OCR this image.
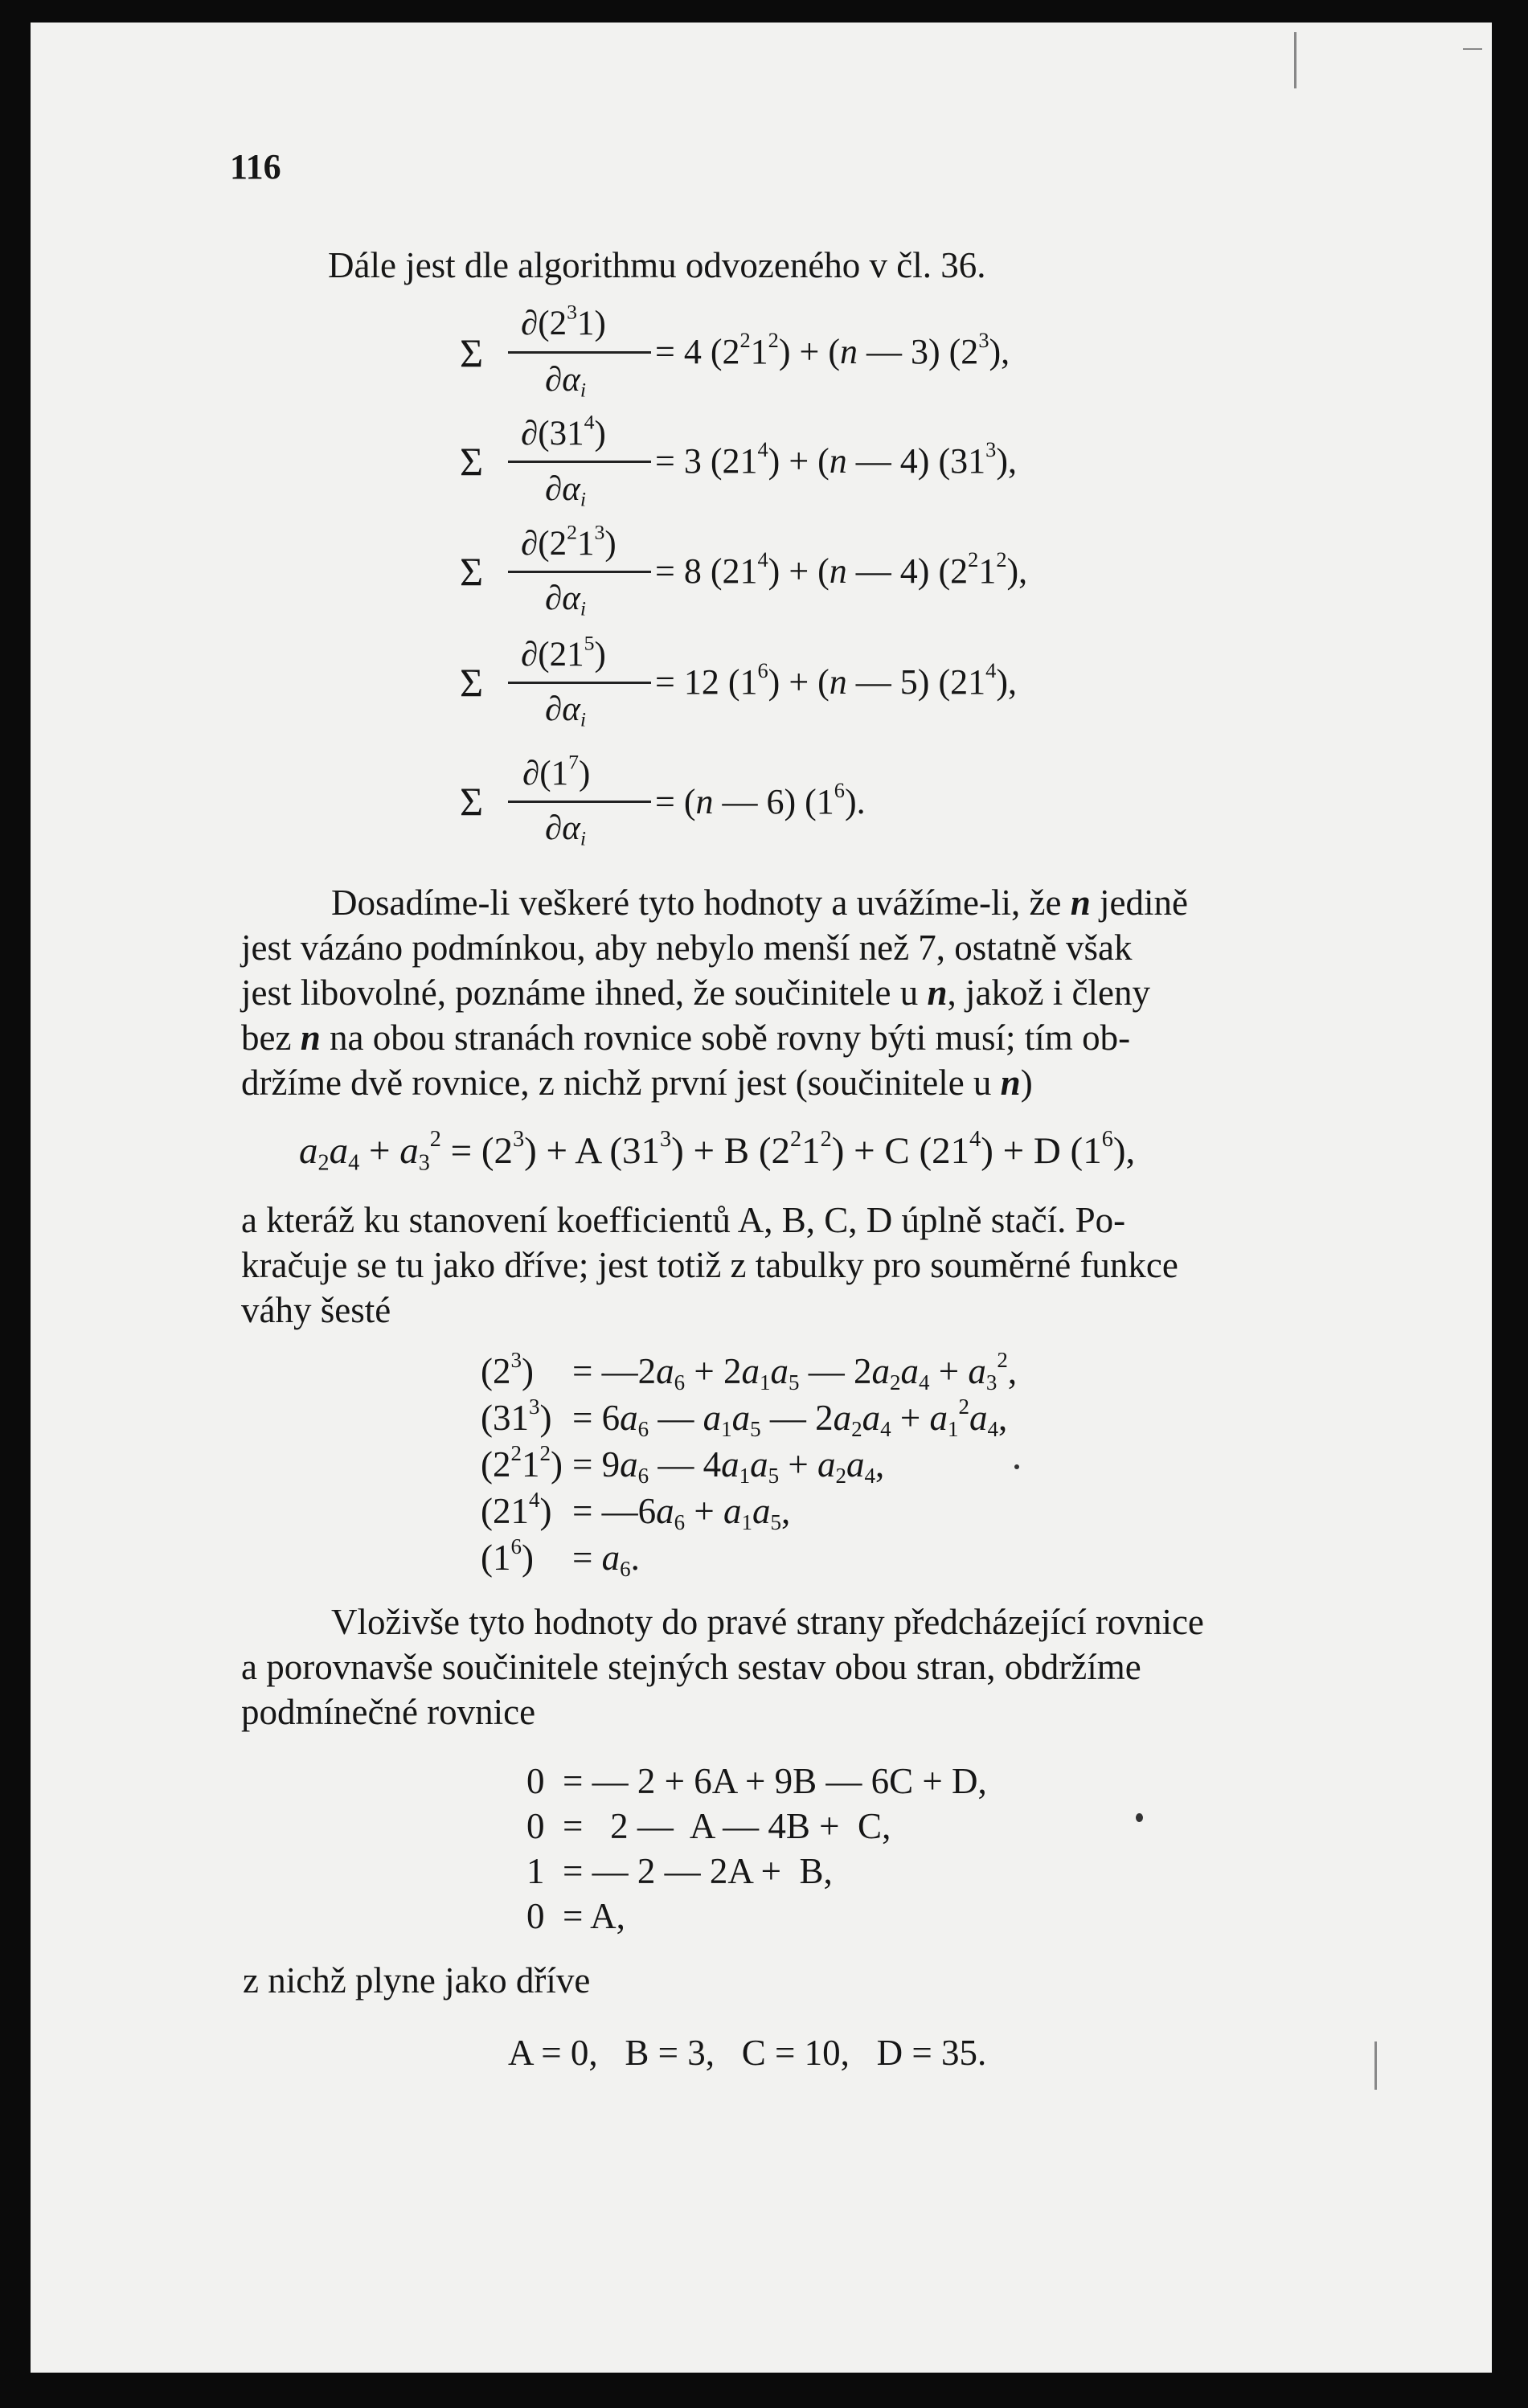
116
Dále jest dle algorithmu odvozeného v čl. 36.
Σ
$\partial(2^31)$
$\partial\alpha_i$
= 4 $(2^21^2) + (n$ — 3) $(2^3)$,
Σ
$\partial(31^4)$
$\partial\alpha_i$
= 3 $(21^4) + (n$ — 4) $(31^3)$,
Σ
$\partial(2^21^3)$
$\partial\alpha_i$
= 8 $(21^4) + (n$ — 4) $(2^21^2)$,
Σ
$\partial(21^5)$
$\partial\alpha_i$
= 12 $(1^6) + (n$ — 5) $(21^4)$,
Σ
$\partial(1^7)$
$\partial\alpha_i$
= (n — 6) $(1^6)$.
Dosadíme-li veškeré tyto hodnoty a uvážíme-li, že n jedině
jest vázáno podmínkou, aby nebylo menší než 7, ostatně však
jest libovolné, poznáme ihned, že součinitele u n, jakož i členy
bez n na obou stranách rovnice sobě rovny býti musí; tím ob-
držíme dvě rovnice, z nichž první jest (součinitele u n)
$a_2a_4 + a_3^2 = (2^3) + A$ $(31^3) + B$ $(2^21^2) + C$ $(21^4) + D$ $(1^6)$,
a kteráž ku stanovení koefficientů A, B, C, D úplně stačí. Po-
kračuje se tu jako dříve; jest totiž z tabulky pro souměrné funkce
váhy šesté
$(2^3)$ = $—2a_6 + 2a_1a_5$ — $2a_2a_4 + a_3^2$,
$(31^3) = 6a_6$ — $a_1a_5$ — $2a_2a_4 + a_1^2a_4$,
$(2^21^2) = 9a_6$ — $4a_1a_5 + a_2a_4$,
$(21^4)$ = $—6a_6 + a_1a_5$,
$(1^6) = a_6$.
Vloživše tyto hodnoty do pravé strany předcházející rovnice
a porovnavše součinitele stejných sestav obou stran, obdržíme
podmínečné rovnice
0 = — 2 + 6A + 9B — 6C + D,
0 =   2 —  A — 4B +  C,
1 = — 2 — 2A +  B,
0 = A,
z nichž plyne jako dříve
A = 0,   B = 3,   C = 10,   D = 35.
